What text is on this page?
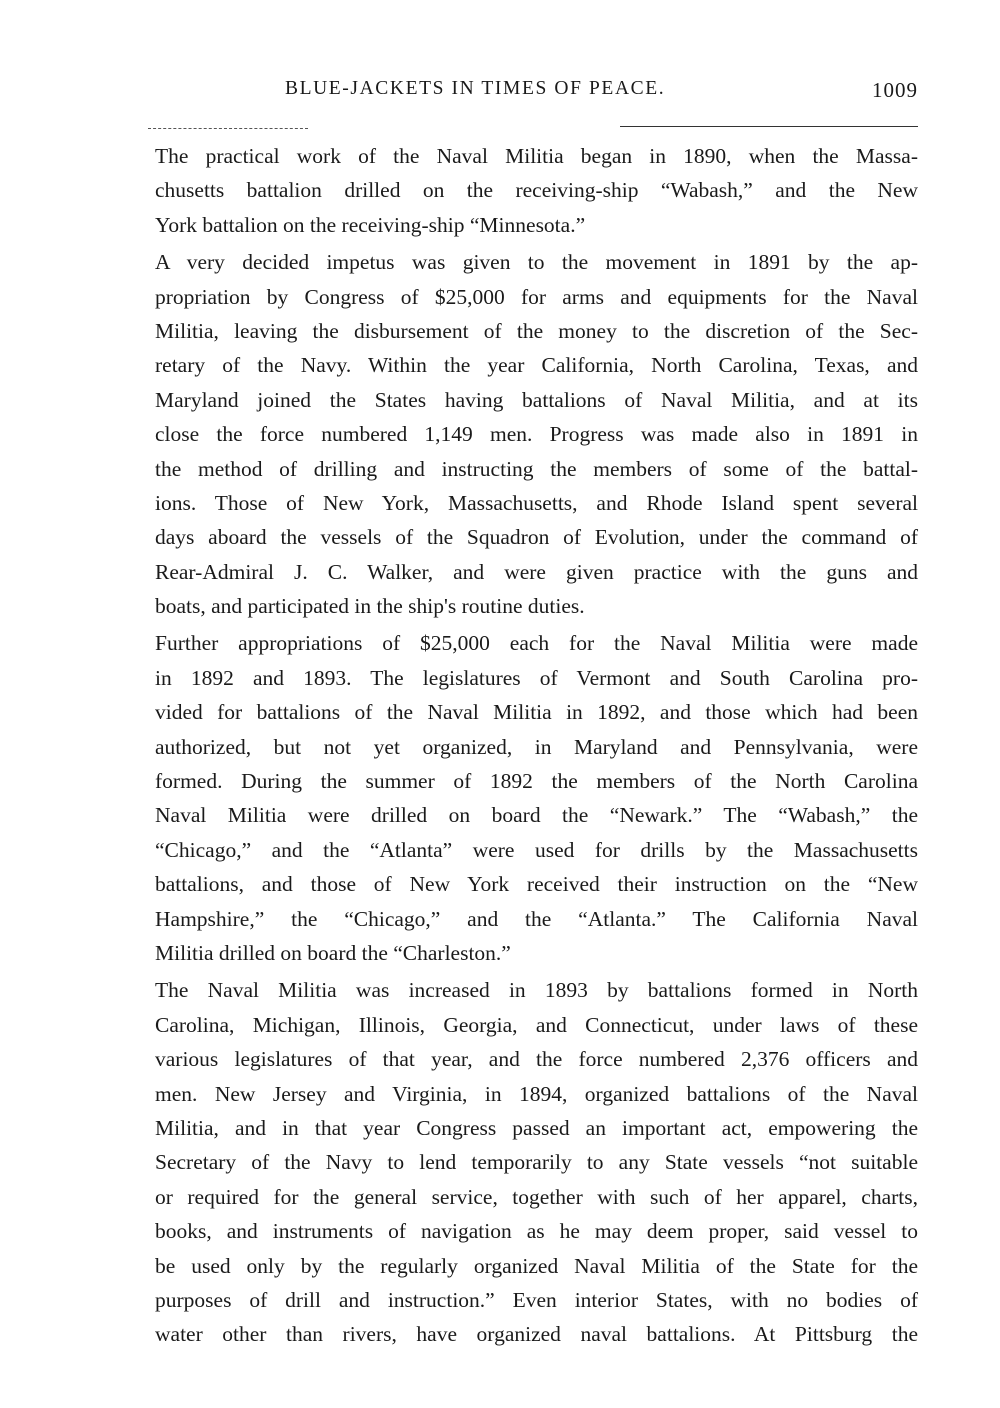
BLUE-JACKETS IN TIMES OF PEACE.	1009
The practical work of the Naval Militia began in 1890, when the Massa-
chusetts battalion drilled on the receiving-ship “Wabash,” and the New
York battalion on the receiving-ship “Minnesota.”
A very decided impetus was given to the movement in 1891 by the ap-
propriation by Congress of $25,000 for arms and equipments for the Naval
Militia, leaving the disbursement of the money to the discretion of the Sec-
retary of the Navy. Within the year California, North Carolina, Texas, and
Maryland joined the States having battalions of Naval Militia, and at its
close the force numbered 1,149 men. Progress was made also in 1891 in
the method of drilling and instructing the members of some of the battal-
ions. Those of New York, Massachusetts, and Rhode Island spent several
days aboard the vessels of the Squadron of Evolution, under the command of
Rear-Admiral J. C. Walker, and were given practice with the guns and
boats, and participated in the ship's routine duties.
Further appropriations of $25,000 each for the Naval Militia were made
in 1892 and 1893. The legislatures of Vermont and South Carolina pro-
vided for battalions of the Naval Militia in 1892, and those which had been
authorized, but not yet organized, in Maryland and Pennsylvania, were
formed. During the summer of 1892 the members of the North Carolina
Naval Militia were drilled on board the “Newark.” The “Wabash,” the
“Chicago,” and the “Atlanta” were used for drills by the Massachusetts
battalions, and those of New York received their instruction on the “New
Hampshire,” the “Chicago,” and the “Atlanta.” The California Naval
Militia drilled on board the “Charleston.”
The Naval Militia was increased in 1893 by battalions formed in North
Carolina, Michigan, Illinois, Georgia, and Connecticut, under laws of these
various legislatures of that year, and the force numbered 2,376 officers and
men. New Jersey and Virginia, in 1894, organized battalions of the Naval
Militia, and in that year Congress passed an important act, empowering the
Secretary of the Navy to lend temporarily to any State vessels “not suitable
or required for the general service, together with such of her apparel, charts,
books, and instruments of navigation as he may deem proper, said vessel to
be used only by the regularly organized Naval Militia of the State for the
purposes of drill and instruction.” Even interior States, with no bodies of
water other than rivers, have organized naval battalions. At Pittsburg the
